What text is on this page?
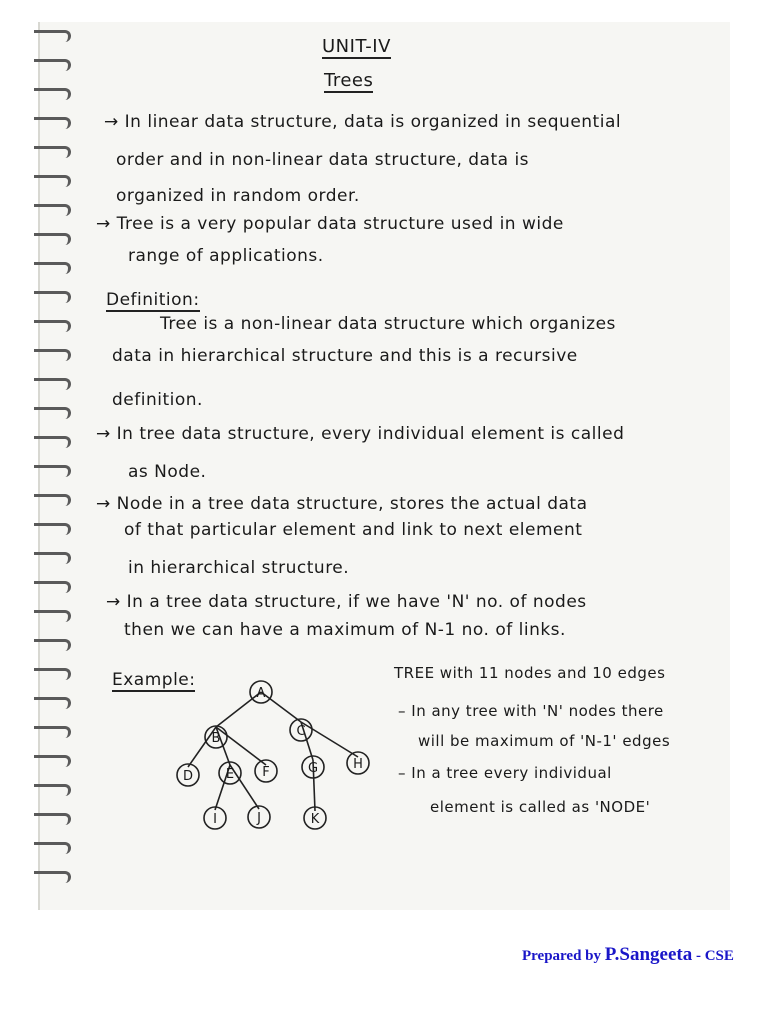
UNIT-IV
Trees
→ In linear data structure, data is organized in sequential
order and in non-linear data structure, data is
organized in random order.
→ Tree is a very popular data structure used in wide
range of applications.
Definition:
Tree is a non-linear data structure which organizes
data in hierarchical structure and this is a recursive
definition.
→ In tree data structure, every individual element is called
as Node.
→ Node in a tree data structure, stores the actual data
of that particular element and link to next element
in hierarchical structure.
→ In a tree data structure, if we have 'N' no. of nodes
then we can have a maximum of N-1 no. of links.
Example:
A
B	C
D	E F	G	H
I	J	K
TREE with 11 nodes and 10 edges
– In any tree with 'N' nodes there
will be maximum of 'N-1' edges
– In a tree every individual
element is called as 'NODE'
Prepared by P.Sangeeta - CSE
